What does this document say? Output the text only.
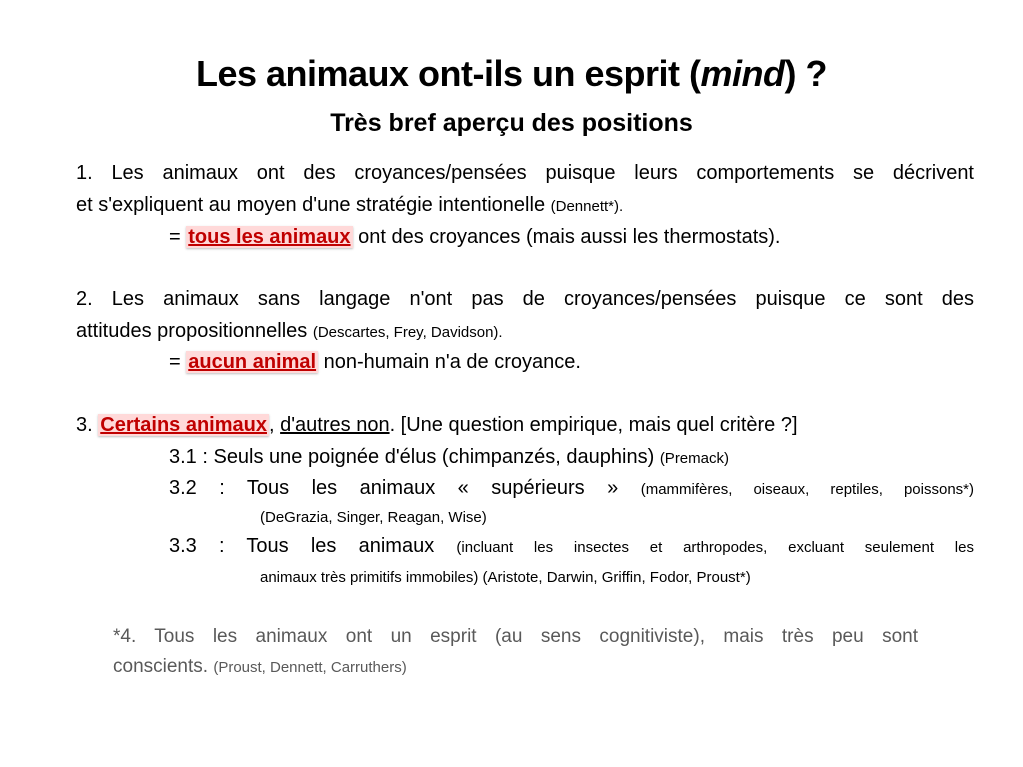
Les animaux ont-ils un esprit (mind) ?
Très bref aperçu des positions
1. Les animaux ont des croyances/pensées puisque leurs comportements se décrivent
et s'expliquent au moyen d'une stratégie intentionelle (Dennett*).
= tous les animaux ont des croyances (mais aussi les thermostats).
2. Les animaux sans langage n'ont pas de croyances/pensées puisque ce sont des
attitudes propositionnelles (Descartes, Frey, Davidson).
= aucun animal non-humain n'a de croyance.
3. Certains animaux , d'autres non. [Une question empirique, mais quel critère ?]
3.1 : Seuls une poignée d'élus (chimpanzés, dauphins) (Premack)
3.2 : Tous les animaux « supérieurs » (mammifères, oiseaux, reptiles, poissons*)
(DeGrazia, Singer, Reagan, Wise)
3.3 : Tous les animaux (incluant les insectes et arthropodes, excluant seulement les
animaux très primitifs immobiles) (Aristote, Darwin, Griffin, Fodor, Proust*)
*4. Tous les animaux ont un esprit (au sens cognitiviste), mais très peu sont
conscients. (Proust, Dennett, Carruthers)
